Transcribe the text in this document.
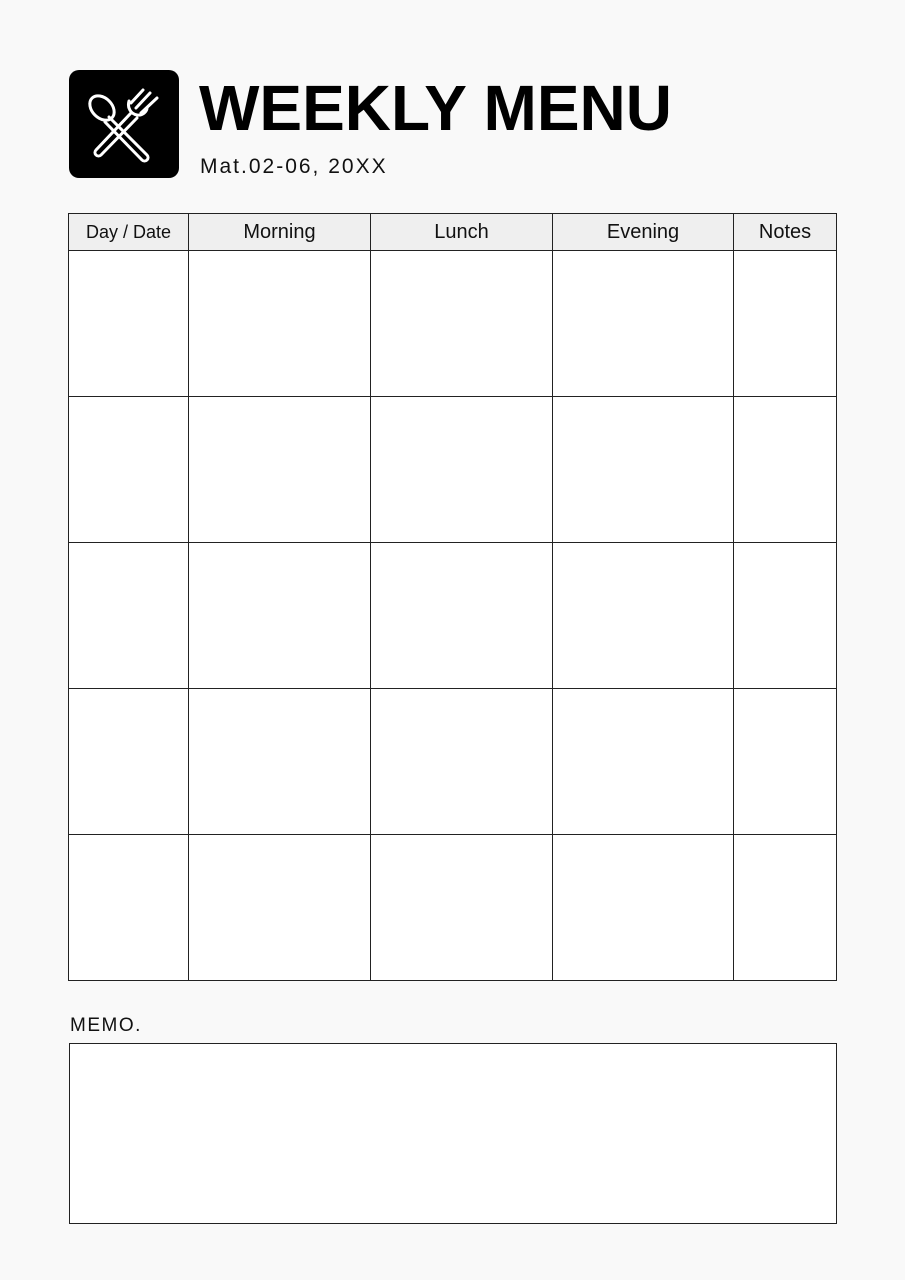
WEEKLY MENU
Mat.02-06, 20XX
Day / Date	Morning	Lunch	Evening	Notes

MEMO.
